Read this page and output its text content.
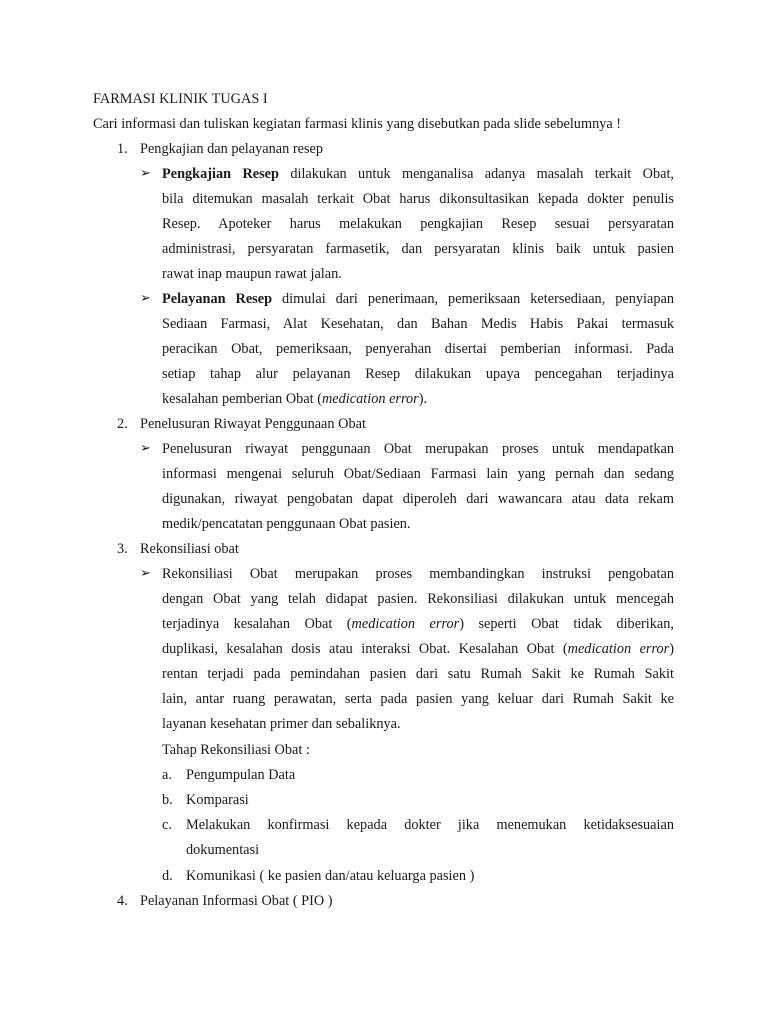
FARMASI KLINIK TUGAS I
Cari informasi dan tuliskan kegiatan farmasi klinis yang disebutkan pada slide sebelumnya !
1. Pengkajian dan pelayanan resep
➢ Pengkajian Resep dilakukan untuk menganalisa adanya masalah terkait Obat,
bila ditemukan masalah terkait Obat harus dikonsultasikan kepada dokter penulis
Resep. Apoteker harus melakukan pengkajian Resep sesuai persyaratan
administrasi, persyaratan farmasetik, dan persyaratan klinis baik untuk pasien
rawat inap maupun rawat jalan.
➢ Pelayanan Resep dimulai dari penerimaan, pemeriksaan ketersediaan, penyiapan
Sediaan Farmasi, Alat Kesehatan, dan Bahan Medis Habis Pakai termasuk
peracikan Obat, pemeriksaan, penyerahan disertai pemberian informasi. Pada
setiap tahap alur pelayanan Resep dilakukan upaya pencegahan terjadinya
kesalahan pemberian Obat (medication error).
2. Penelusuran Riwayat Penggunaan Obat
➢ Penelusuran riwayat penggunaan Obat merupakan proses untuk mendapatkan
informasi mengenai seluruh Obat/Sediaan Farmasi lain yang pernah dan sedang
digunakan, riwayat pengobatan dapat diperoleh dari wawancara atau data rekam
medik/pencatatan penggunaan Obat pasien.
3. Rekonsiliasi obat
➢ Rekonsiliasi Obat merupakan proses membandingkan instruksi pengobatan
dengan Obat yang telah didapat pasien. Rekonsiliasi dilakukan untuk mencegah
terjadinya kesalahan Obat (medication error) seperti Obat tidak diberikan,
duplikasi, kesalahan dosis atau interaksi Obat. Kesalahan Obat (medication error)
rentan terjadi pada pemindahan pasien dari satu Rumah Sakit ke Rumah Sakit
lain, antar ruang perawatan, serta pada pasien yang keluar dari Rumah Sakit ke
layanan kesehatan primer dan sebaliknya.
Tahap Rekonsiliasi Obat :
a. Pengumpulan Data
b. Komparasi
c. Melakukan konfirmasi kepada dokter jika menemukan ketidaksesuaian
dokumentasi
d. Komunikasi ( ke pasien dan/atau keluarga pasien )
4. Pelayanan Informasi Obat ( PIO )
